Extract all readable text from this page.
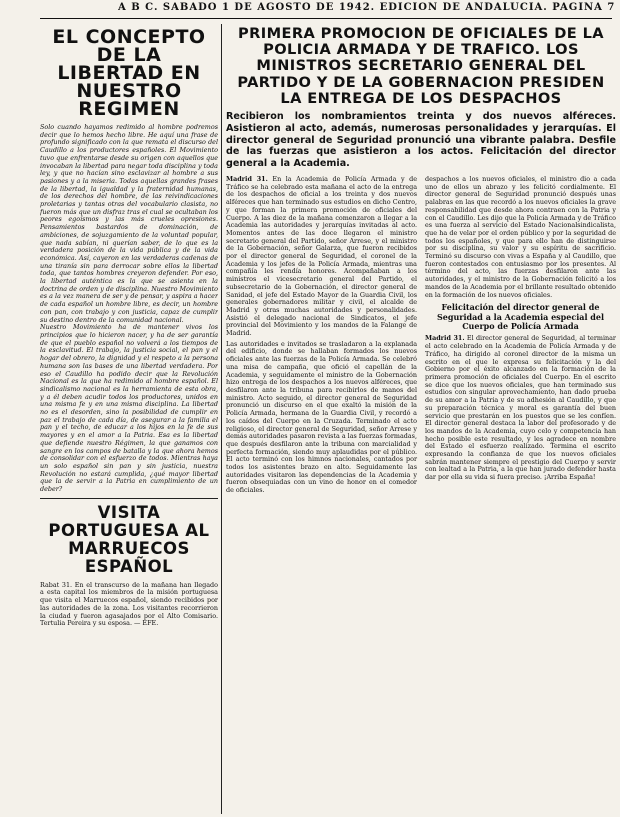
A B C. SABADO 1 DE AGOSTO DE 1942. EDICION DE ANDALUCIA. PAGINA 7
EL CONCEPTO DE LA LIBERTAD EN NUESTRO REGIMEN

Solo cuando hayamos redimido al hombre podremos decir que lo hemos hecho libre. He aquí una frase de profundo significado con la que remata el discurso del Caudillo a los productores españoles. El Movimiento tuvo que enfrentarse desde su origen con aquellos que invocaban la libertad para negar toda disciplina y toda ley, y que no hacían sino esclavizar al hombre a sus pasiones y a la miseria. Todas aquellas grandes frases de la libertad, la igualdad y la fraternidad humanas, de los derechos del hombre, de las reivindicaciones proletarias y tantas otras del vocabulario clasista, no fueron más que un disfraz tras el cual se ocultaban los peores egoísmos y las más crueles opresiones. Pensamientos bastardos de dominación, de ambiciones, de sojuzgamiento de la voluntad popular, que nada sabían, ni querían saber, de lo que es la verdadera posición de la vida pública y de la vida económica. Así, cayeron en las verdaderas cadenas de una tiranía sin para derrocar sobre ellos la libertad toda, que tantos hombres creyeron defender. Por eso, la libertad auténtica es la que se asienta en la doctrina de orden y de disciplina. Nuestro Movimiento es a la vez manera de ser y de pensar, y aspira a hacer de cada español un hombre libre, es decir, un hombre con pan, con trabajo y con justicia, capaz de cumplir su destino dentro de la comunidad nacional.

Nuestro Movimiento ha de mantener vivos los principios que lo hicieron nacer, y ha de ser garantía de que el pueblo español no volverá a los tiempos de la esclavitud. El trabajo, la justicia social, el pan y el hogar del obrero, la dignidad y el respeto a la persona humana son las bases de una libertad verdadera. Por eso el Caudillo ha podido decir que la Revolución Nacional es la que ha redimido al hombre español. El sindicalismo nacional es la herramienta de esta obra, y a él deben acudir todos los productores, unidos en una misma fe y en una misma disciplina. La libertad no es el desorden, sino la posibilidad de cumplir en paz el trabajo de cada día, de asegurar a la familia el pan y el techo, de educar a los hijos en la fe de sus mayores y en el amor a la Patria. Esa es la libertad que defiende nuestro Régimen, la que ganamos con sangre en los campos de batalla y la que ahora hemos de consolidar con el esfuerzo de todos. Mientras haya un solo español sin pan y sin justicia, nuestra Revolución no estará cumplida, ¿qué mayor libertad que la de servir a la Patria en cumplimiento de un deber?

VISITA PORTUGUESA AL MARRUECOS ESPAÑOL

Rabat 31. En el transcurso de la mañana han llegado a esta capital los miembros de la misión portuguesa que visita el Marruecos español, siendo recibidos por las autoridades de la zona. Los visitantes recorrieron la ciudad y fueron agasajados por el Alto Comisario. Tertulia Pereira y su esposa. — EFE.

PRIMERA PROMOCION DE OFICIALES DE LA POLICIA ARMADA Y DE TRAFICO. LOS MINISTROS SECRETARIO GENERAL DEL PARTIDO Y DE LA GOBERNACION PRESIDEN LA ENTREGA DE LOS DESPACHOS
Recibieron los nombramientos treinta y dos nuevos alféreces. Asistieron al acto, además, numerosas personalidades y jerarquías. El director general de Seguridad pronunció una vibrante palabra. Desfile de las fuerzas que asistieron a los actos. Felicitación del director general a la Academia.

Madrid 31. En la Academia de Policía Armada y de Tráfico se ha celebrado esta mañana el acto de la entrega de los despachos de oficial a los treinta y dos nuevos alféreces que han terminado sus estudios en dicho Centro, y que forman la primera promoción de oficiales del Cuerpo. A las diez de la mañana comenzaron a llegar a la Academia las autoridades y jerarquías invitadas al acto. Momentos antes de las doce llegaron el ministro secretario general del Partido, señor Arrese, y el ministro de la Gobernación, señor Galarza, que fueron recibidos por el director general de Seguridad, el coronel de la Academia y los jefes de la Policía Armada, mientras una compañía les rendía honores. Acompañaban a los ministros el vicesecretario general del Partido, el subsecretario de la Gobernación, el director general de Sanidad, el jefe del Estado Mayor de la Guardia Civil, los generales gobernadores militar y civil, el alcalde de Madrid y otras muchas autoridades y personalidades. Asistió el delegado nacional de Sindicatos, el jefe provincial del Movimiento y los mandos de la Falange de Madrid.

Las autoridades e invitados se trasladaron a la explanada del edificio, donde se hallaban formados los nuevos oficiales ante las fuerzas de la Policía Armada. Se celebró una misa de campaña, que ofició el capellán de la Academia, y seguidamente el ministro de la Gobernación hizo entrega de los despachos a los nuevos alféreces, que desfilaron ante la tribuna para recibirlos de manos del ministro. Acto seguido, el director general de Seguridad pronunció un discurso en el que exaltó la misión de la Policía Armada, hermana de la Guardia Civil, y recordó a los caídos del Cuerpo en la Cruzada. Terminado el acto religioso, el director general de Seguridad, señor Arrese y demás autoridades pasaron revista a las fuerzas formadas, que después desfilaron ante la tribuna con marcialidad y perfecta formación, siendo muy aplaudidas por el público. El acto terminó con los himnos nacionales, cantados por todos los asistentes brazo en alto. Seguidamente las autoridades visitaron las dependencias de la Academia y fueron obsequiadas con un vino de honor en el comedor de oficiales.

despachos a los nuevos oficiales, el ministro dio a cada uno de ellos un abrazo y les felicitó cordialmente. El director general de Seguridad pronunció después unas palabras en las que recordó a los nuevos oficiales la grave responsabilidad que desde ahora contraen con la Patria y con el Caudillo. Les dijo que la Policía Armada y de Tráfico es una fuerza al servicio del Estado Nacionalsindicalista, que ha de velar por el orden público y por la seguridad de todos los españoles, y que para ello han de distinguirse por su disciplina, su valor y su espíritu de sacrificio. Terminó su discurso con vivas a España y al Caudillo, que fueron contestados con entusiasmo por los presentes. Al término del acto, las fuerzas desfilaron ante las autoridades, y el ministro de la Gobernación felicitó a los mandos de la Academia por el brillante resultado obtenido en la formación de los nuevos oficiales.

Felicitación del director general de Seguridad a la Academia especial del Cuerpo de Policía Armada

Madrid 31. El director general de Seguridad, al terminar el acto celebrado en la Academia de Policía Armada y de Tráfico, ha dirigido al coronel director de la misma un escrito en el que le expresa su felicitación y la del Gobierno por el éxito alcanzado en la formación de la primera promoción de oficiales del Cuerpo. En el escrito se dice que los nuevos oficiales, que han terminado sus estudios con singular aprovechamiento, han dado prueba de su amor a la Patria y de su adhesión al Caudillo, y que su preparación técnica y moral es garantía del buen servicio que prestarán en los puestos que se les confíen. El director general destaca la labor del profesorado y de los mandos de la Academia, cuyo celo y competencia han hecho posible este resultado, y les agradece en nombre del Estado el esfuerzo realizado. Termina el escrito expresando la confianza de que los nuevos oficiales sabrán mantener siempre el prestigio del Cuerpo y servir con lealtad a la Patria, a la que han jurado defender hasta dar por ella su vida si fuera preciso. ¡Arriba España!
